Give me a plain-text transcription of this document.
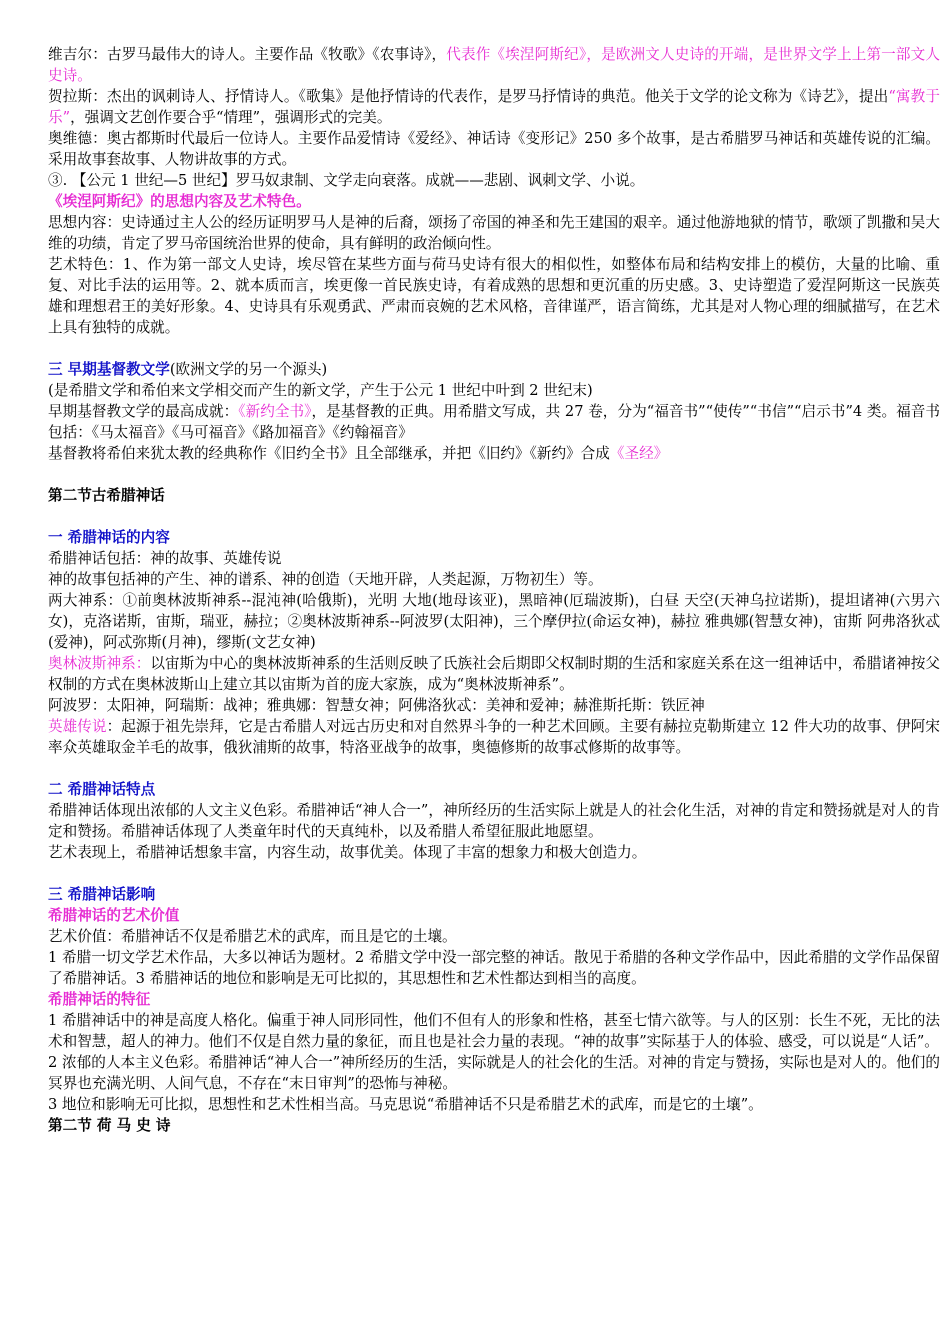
维吉尔：古罗马最伟大的诗人。主要作品《牧歌》《农事诗》，代表作《埃涅阿斯纪》，是欧洲文人史诗的开端，是世界文学上上第一部文人史诗。

贺拉斯：杰出的讽刺诗人、抒情诗人。《歌集》是他抒情诗的代表作，是罗马抒情诗的典范。他关于文学的论文称为《诗艺》，提出“寓教于乐”，强调文艺创作要合乎“情理”，强调形式的完美。

奥维德：奥古都斯时代最后一位诗人。主要作品爱情诗《爱经》、神话诗《变形记》250 多个故事，是古希腊罗马神话和英雄传说的汇编。采用故事套故事、人物讲故事的方式。

③. 【公元 1 世纪—5 世纪】罗马奴隶制、文学走向衰落。成就——悲剧、讽刺文学、小说。

《埃涅阿斯纪》的思想内容及艺术特色。

思想内容：史诗通过主人公的经历证明罗马人是神的后裔，颂扬了帝国的神圣和先王建国的艰辛。通过他游地狱的情节，歌颂了凯撒和吴大维的功绩，肯定了罗马帝国统治世界的使命，具有鲜明的政治倾向性。

艺术特色：1、作为第一部文人史诗，埃尽管在某些方面与荷马史诗有很大的相似性，如整体布局和结构安排上的模仿，大量的比喻、重复、对比手法的运用等。2、就本质而言，埃更像一首民族史诗，有着成熟的思想和更沉重的历史感。3、史诗塑造了爱涅阿斯这一民族英雄和理想君王的美好形象。4、史诗具有乐观勇武、严肃而哀婉的艺术风格，音律谨严，语言简练，尤其是对人物心理的细腻描写，在艺术上具有独特的成就。

三 早期基督教文学(欧洲文学的另一个源头)

(是希腊文学和希伯来文学相交而产生的新文学，产生于公元 1 世纪中叶到 2 世纪末)

早期基督教文学的最高成就：《新约全书》，是基督教的正典。用希腊文写成，共 27 卷，分为“福音书”“使传”“书信”“启示书”4 类。福音书包括：《马太福音》《马可福音》《路加福音》《约翰福音》

基督教将希伯来犹太教的经典称作《旧约全书》且全部继承，并把《旧约》《新约》合成《圣经》

第二节古希腊神话

一 希腊神话的内容

希腊神话包括：神的故事、英雄传说

神的故事包括神的产生、神的谱系、神的创造（天地开辟，人类起源，万物初生）等。

两大神系：①前奥林波斯神系--混沌神(哈俄斯)，光明 大地(地母该亚)，黑暗神(厄瑞波斯)，白昼 天空(天神乌拉诺斯)，提坦诸神(六男六女)，克洛诺斯，宙斯，瑞亚，赫拉；②奥林波斯神系--阿波罗(太阳神)，三个摩伊拉(命运女神)，赫拉 雅典娜(智慧女神)，宙斯 阿弗洛狄忒(爱神)，阿忒弥斯(月神)，缪斯(文艺女神)

奥林波斯神系：以宙斯为中心的奥林波斯神系的生活则反映了氏族社会后期即父权制时期的生活和家庭关系在这一组神话中，希腊诸神按父权制的方式在奥林波斯山上建立其以宙斯为首的庞大家族，成为“奥林波斯神系”。

阿波罗：太阳神，阿瑞斯：战神；雅典娜：智慧女神；阿佛洛狄忒：美神和爱神；赫淮斯托斯：铁匠神

英雄传说：起源于祖先崇拜，它是古希腊人对远古历史和对自然界斗争的一种艺术回顾。主要有赫拉克勒斯建立 12 件大功的故事、伊阿宋率众英雄取金羊毛的故事，俄狄浦斯的故事，特洛亚战争的故事，奥德修斯的故事忒修斯的故事等。

二 希腊神话特点

希腊神话体现出浓郁的人文主义色彩。希腊神话“神人合一”，神所经历的生活实际上就是人的社会化生活，对神的肯定和赞扬就是对人的肯定和赞扬。希腊神话体现了人类童年时代的天真纯朴，以及希腊人希望征服此地愿望。

艺术表现上，希腊神话想象丰富，内容生动，故事优美。体现了丰富的想象力和极大创造力。

三 希腊神话影响

希腊神话的艺术价值

艺术价值：希腊神话不仅是希腊艺术的武库，而且是它的土壤。

1 希腊一切文学艺术作品，大多以神话为题材。2 希腊文学中没一部完整的神话。散见于希腊的各种文学作品中，因此希腊的文学作品保留了希腊神话。3 希腊神话的地位和影响是无可比拟的，其思想性和艺术性都达到相当的高度。

希腊神话的特征

1 希腊神话中的神是高度人格化。偏重于神人同形同性，他们不但有人的形象和性格，甚至七情六欲等。与人的区别：长生不死，无比的法术和智慧，超人的神力。他们不仅是自然力量的象征，而且也是社会力量的表现。“神的故事”实际基于人的体验、感受，可以说是“人话”。

2 浓郁的人本主义色彩。希腊神话“神人合一”神所经历的生活，实际就是人的社会化的生活。对神的肯定与赞扬，实际也是对人的。他们的冥界也充满光明、人间气息，不存在“末日审判”的恐怖与神秘。

3 地位和影响无可比拟，思想性和艺术性相当高。马克思说“希腊神话不只是希腊艺术的武库，而是它的土壤”。

第二节 荷 马 史 诗
